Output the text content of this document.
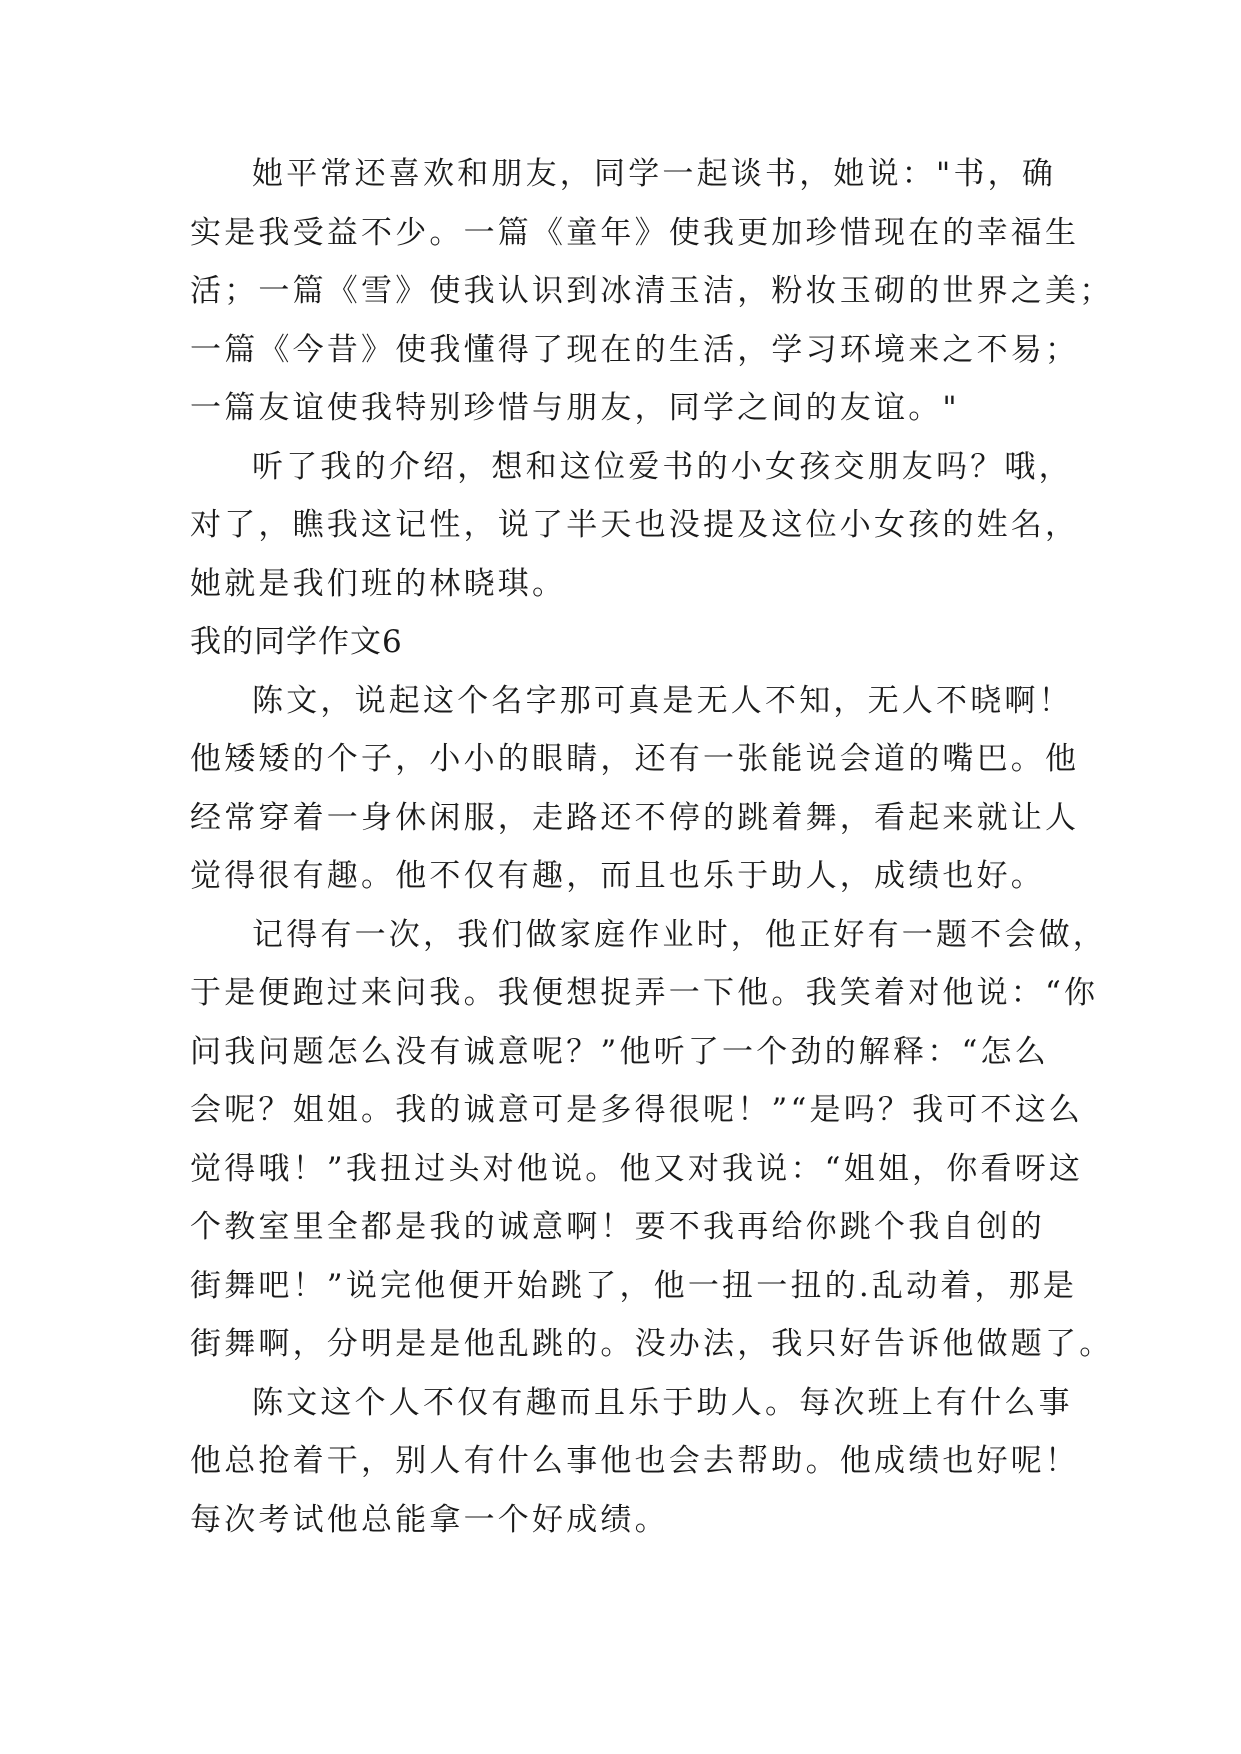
她平常还喜欢和朋友，同学一起谈书，她说："书，确
实是我受益不少。一篇《童年》使我更加珍惜现在的幸福生
活；一篇《雪》使我认识到冰清玉洁，粉妆玉砌的世界之美；
一篇《今昔》使我懂得了现在的生活，学习环境来之不易；
一篇友谊使我特别珍惜与朋友，同学之间的友谊。"
听了我的介绍，想和这位爱书的小女孩交朋友吗？哦，
对了，瞧我这记性，说了半天也没提及这位小女孩的姓名，
她就是我们班的林晓琪。
我的同学作文6
陈文，说起这个名字那可真是无人不知，无人不晓啊！
他矮矮的个子，小小的眼睛，还有一张能说会道的嘴巴。他
经常穿着一身休闲服，走路还不停的跳着舞，看起来就让人
觉得很有趣。他不仅有趣，而且也乐于助人，成绩也好。
记得有一次，我们做家庭作业时，他正好有一题不会做，
于是便跑过来问我。我便想捉弄一下他。我笑着对他说：“你
问我问题怎么没有诚意呢？”他听了一个劲的解释：“怎么
会呢？姐姐。我的诚意可是多得很呢！”“是吗？我可不这么
觉得哦！”我扭过头对他说。他又对我说：“姐姐，你看呀这
个教室里全都是我的诚意啊！要不我再给你跳个我自创的
街舞吧！”说完他便开始跳了，他一扭一扭的.乱动着，那是
街舞啊，分明是是他乱跳的。没办法，我只好告诉他做题了。
陈文这个人不仅有趣而且乐于助人。每次班上有什么事
他总抢着干，别人有什么事他也会去帮助。他成绩也好呢！
每次考试他总能拿一个好成绩。
